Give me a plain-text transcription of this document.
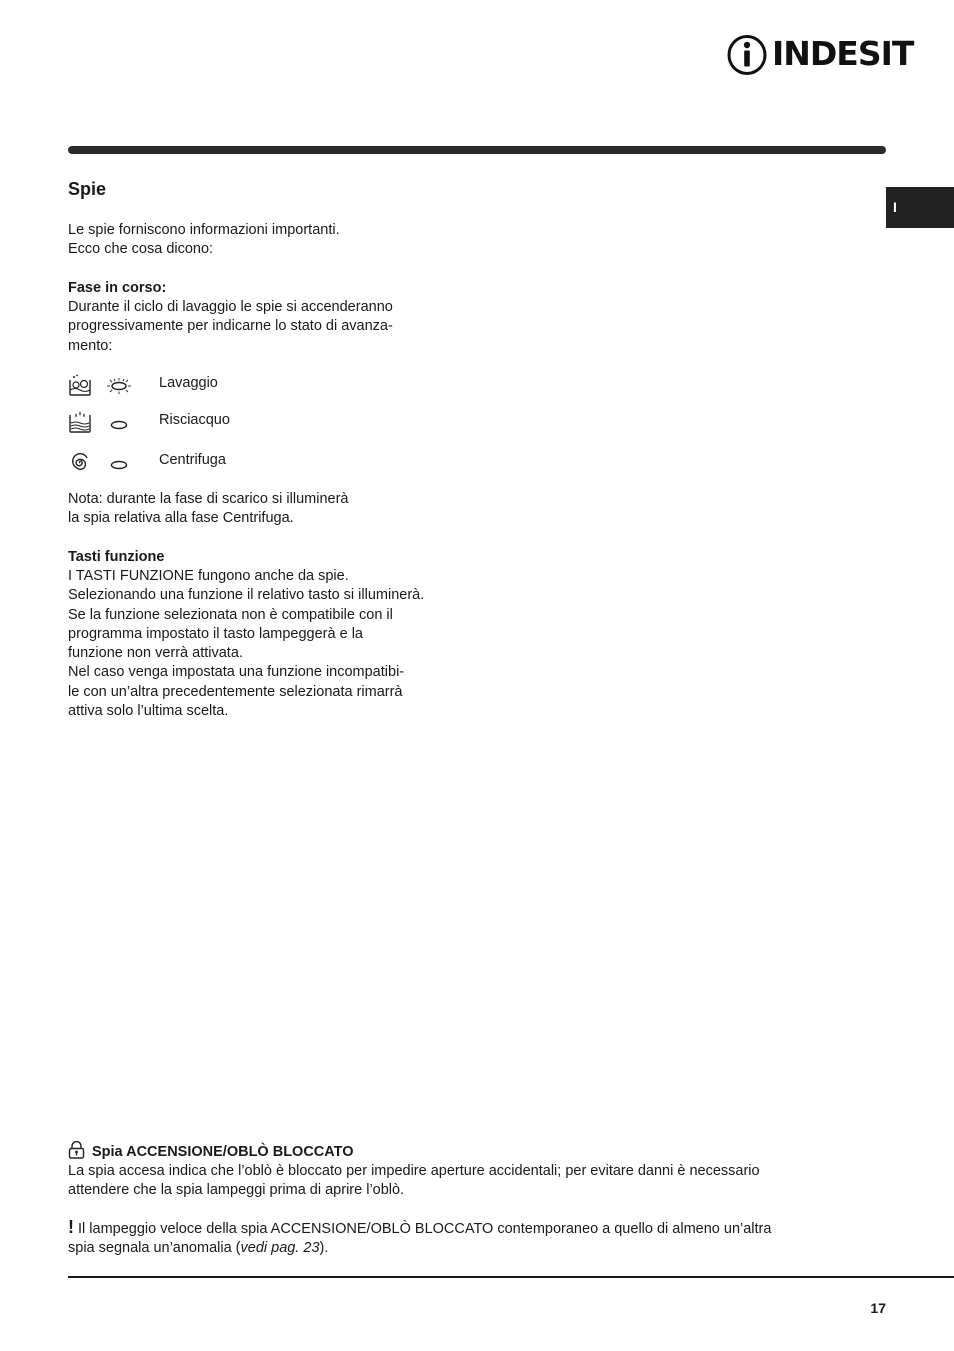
INDESIT
I
Spie
Le spie forniscono informazioni importanti.
Ecco che cosa dicono:
Fase in corso:
Durante il ciclo di lavaggio le spie si accenderanno
progressivamente per indicarne lo stato di avanza-
mento:
Lavaggio
Risciacquo
Centrifuga
Nota: durante la fase di scarico si illuminerà
la spia relativa alla fase Centrifuga.
Tasti funzione
I TASTI FUNZIONE fungono anche da spie.
Selezionando una funzione il relativo tasto si illuminerà.
Se la funzione selezionata non è compatibile con il
programma impostato il tasto lampeggerà e la
funzione non verrà attivata.
Nel caso venga impostata una funzione incompatibi-
le con un’altra precedentemente selezionata rimarrà
attiva solo l’ultima scelta.
Spia ACCENSIONE/OBLÒ BLOCCATO
La spia accesa indica che l’oblò è bloccato per impedire aperture accidentali; per evitare danni è necessario
attendere che la spia lampeggi prima di aprire l’oblò.
! Il lampeggio veloce della spia ACCENSIONE/OBLÒ BLOCCATO contemporaneo a quello di almeno un’altra
spia segnala un’anomalia (vedi pag. 23).
17
